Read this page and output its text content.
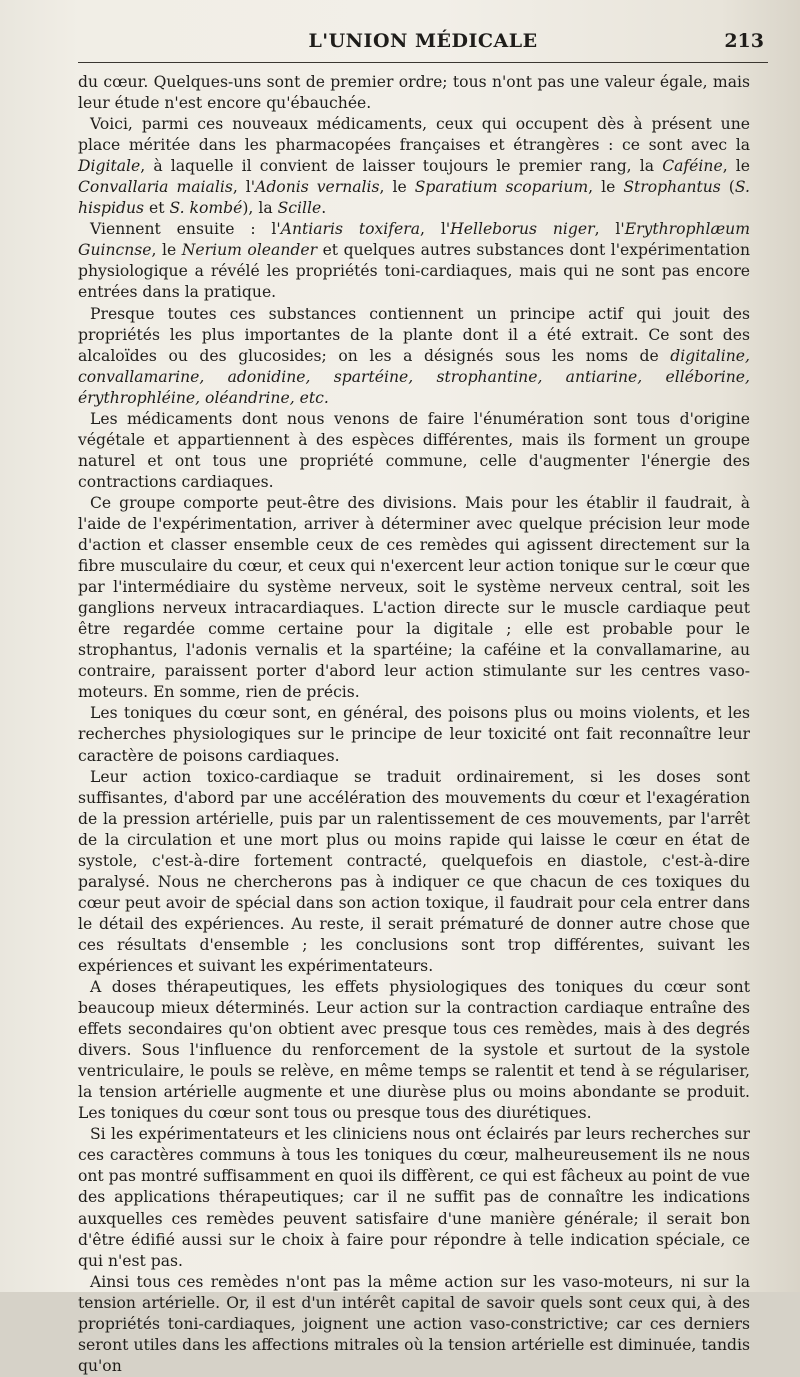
L'UNION MÉDICALE	213

du cœur. Quelques-uns sont de premier ordre; tous n'ont pas une valeur égale, mais leur étude n'est encore qu'ébauchée.

Voici, parmi ces nouveaux médicaments, ceux qui occupent dès à présent une place méritée dans les pharmacopées françaises et étrangères : ce sont avec la Digitale, à laquelle il convient de laisser toujours le premier rang, la Caféine, le Convallaria maialis, l'Adonis vernalis, le Sparatium scoparium, le Strophantus (S. hispidus et S. kombé), la Scille.

Viennent ensuite : l'Antiaris toxifera, l'Helleborus niger, l'Erythrophlæum Guincnse, le Nerium oleander et quelques autres substances dont l'expérimentation physiologique a révélé les propriétés toni-cardiaques, mais qui ne sont pas encore entrées dans la pratique.

Presque toutes ces substances contiennent un principe actif qui jouit des propriétés les plus importantes de la plante dont il a été extrait. Ce sont des alcaloïdes ou des glucosides; on les a désignés sous les noms de digitaline, convallamarine, adonidine, spartéine, strophantine, antiarine, elléborine, érythrophléine, oléandrine, etc.

Les médicaments dont nous venons de faire l'énumération sont tous d'origine végétale et appartiennent à des espèces différentes, mais ils forment un groupe naturel et ont tous une propriété commune, celle d'augmenter l'énergie des contractions cardiaques.

Ce groupe comporte peut-être des divisions. Mais pour les établir il faudrait, à l'aide de l'expérimentation, arriver à déterminer avec quelque précision leur mode d'action et classer ensemble ceux de ces remèdes qui agissent directement sur la fibre musculaire du cœur, et ceux qui n'exercent leur action tonique sur le cœur que par l'intermédiaire du système nerveux, soit le système nerveux central, soit les ganglions nerveux intracardiaques. L'action directe sur le muscle cardiaque peut être regardée comme certaine pour la digitale ; elle est probable pour le strophantus, l'adonis vernalis et la spartéine; la caféine et la convallamarine, au contraire, paraissent porter d'abord leur action stimulante sur les centres vaso-moteurs. En somme, rien de précis.

Les toniques du cœur sont, en général, des poisons plus ou moins violents, et les recherches physiologiques sur le principe de leur toxicité ont fait reconnaître leur caractère de poisons cardiaques.

Leur action toxico-cardiaque se traduit ordinairement, si les doses sont suffisantes, d'abord par une accélération des mouvements du cœur et l'exagération de la pression artérielle, puis par un ralentissement de ces mouvements, par l'arrêt de la circulation et une mort plus ou moins rapide qui laisse le cœur en état de systole, c'est-à-dire fortement contracté, quelquefois en diastole, c'est-à-dire paralysé. Nous ne chercherons pas à indiquer ce que chacun de ces toxiques du cœur peut avoir de spécial dans son action toxique, il faudrait pour cela entrer dans le détail des expériences. Au reste, il serait prématuré de donner autre chose que ces résultats d'ensemble ; les conclusions sont trop différentes, suivant les expériences et suivant les expérimentateurs.

A doses thérapeutiques, les effets physiologiques des toniques du cœur sont beaucoup mieux déterminés. Leur action sur la contraction cardiaque entraîne des effets secondaires qu'on obtient avec presque tous ces remèdes, mais à des degrés divers. Sous l'influence du renforcement de la systole et surtout de la systole ventriculaire, le pouls se relève, en même temps se ralentit et tend à se régulariser, la tension artérielle augmente et une diurèse plus ou moins abondante se produit. Les toniques du cœur sont tous ou presque tous des diurétiques.

Si les expérimentateurs et les cliniciens nous ont éclairés par leurs recherches sur ces caractères communs à tous les toniques du cœur, malheureusement ils ne nous ont pas montré suffisamment en quoi ils diffèrent, ce qui est fâcheux au point de vue des applications thérapeutiques; car il ne suffit pas de connaître les indications auxquelles ces remèdes peuvent satisfaire d'une manière générale; il serait bon d'être édifié aussi sur le choix à faire pour répondre à telle indication spéciale, ce qui n'est pas.

Ainsi tous ces remèdes n'ont pas la même action sur les vaso-moteurs, ni sur la tension artérielle. Or, il est d'un intérêt capital de savoir quels sont ceux qui, à des propriétés toni-cardiaques, joignent une action vaso-constrictive; car ces derniers seront utiles dans les affections mitrales où la tension artérielle est diminuée, tandis qu'on
